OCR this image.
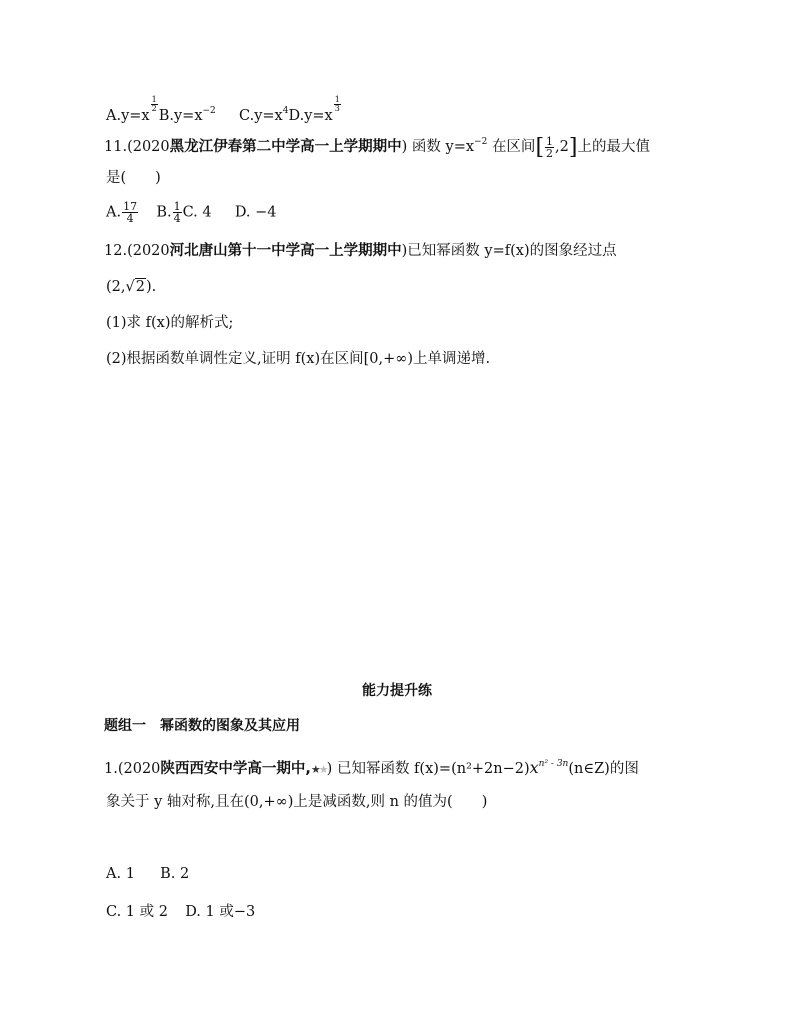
A.y=x
$\frac{1}{2}$
$B.y=x^{-2}$ $C.y=x^4D.y=x$
$\frac{1}{3}$
11.(2020黑龙江伊春第二中学高一上学期期中) 函数 $y=x^{-2}$ 在区间[ $\frac{1}{2} ,2$]上的最大值
是(　　)
A. $\frac{17}{4} B$. $\frac{1}{4} C$. 4 D. −4
12.(2020河北唐山第十一中学高一上学期期中)已知幂函数 y=f(x)的图象经过点
(2,√2).
(1)求 f(x)的解析式;
(2)根据函数单调性定义,证明 f(x)在区间[0,+∞)上单调递增.
能力提升练
题组一　幂函数的图象及其应用
1.(2020陕西西安中学高一期中,★★) 已知幂函数 $f(x)=(n^2+2n-2)x^{n^2 - 3n}(n\in Z)$的图
象关于 y 轴对称,且在(0,+∞)上是减函数,则 n 的值为(　　)
A. 1 B. 2
C. 1 或 2 D. 1 或−3
